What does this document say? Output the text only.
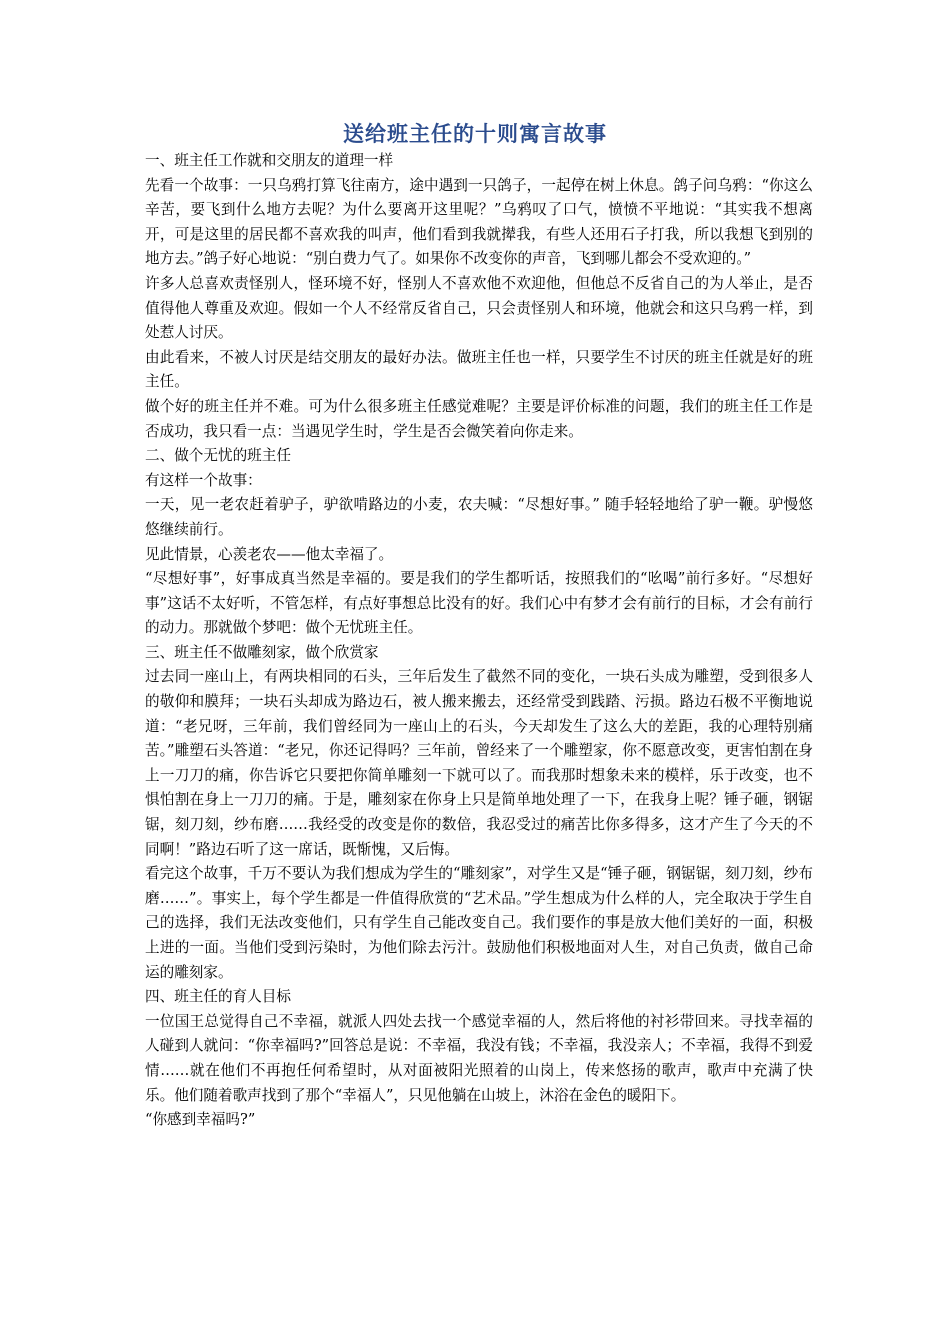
送给班主任的十则寓言故事

一、班主任工作就和交朋友的道理一样

先看一个故事：一只乌鸦打算飞往南方，途中遇到一只鸽子，一起停在树上休息。鸽子问乌鸦：“你这么辛苦，要飞到什么地方去呢？为什么要离开这里呢？”乌鸦叹了口气，愤愤不平地说：“其实我不想离开，可是这里的居民都不喜欢我的叫声，他们看到我就撵我，有些人还用石子打我，所以我想飞到别的地方去。”鸽子好心地说：“别白费力气了。如果你不改变你的声音，飞到哪儿都会不受欢迎的。”

许多人总喜欢责怪别人，怪环境不好，怪别人不喜欢他不欢迎他，但他总不反省自己的为人举止，是否值得他人尊重及欢迎。假如一个人不经常反省自己，只会责怪别人和环境，他就会和这只乌鸦一样，到处惹人讨厌。

由此看来，不被人讨厌是结交朋友的最好办法。做班主任也一样，只要学生不讨厌的班主任就是好的班主任。

做个好的班主任并不难。可为什么很多班主任感觉难呢？主要是评价标准的问题，我们的班主任工作是否成功，我只看一点：当遇见学生时，学生是否会微笑着向你走来。

二、做个无忧的班主任

有这样一个故事：

一天，见一老农赶着驴子，驴欲啃路边的小麦，农夫喊：“尽想好事。” 随手轻轻地给了驴一鞭。驴慢悠悠继续前行。

见此情景，心羡老农——他太幸福了。

“尽想好事”，好事成真当然是幸福的。要是我们的学生都听话，按照我们的“吆喝”前行多好。“尽想好事”这话不太好听，不管怎样，有点好事想总比没有的好。我们心中有梦才会有前行的目标，才会有前行的动力。那就做个梦吧：做个无忧班主任。

三、班主任不做雕刻家，做个欣赏家

过去同一座山上，有两块相同的石头，三年后发生了截然不同的变化，一块石头成为雕塑，受到很多人的敬仰和膜拜；一块石头却成为路边石，被人搬来搬去，还经常受到践踏、污损。路边石极不平衡地说道：“老兄呀，三年前，我们曾经同为一座山上的石头，今天却发生了这么大的差距，我的心理特别痛苦。”雕塑石头答道：“老兄，你还记得吗？三年前，曾经来了一个雕塑家，你不愿意改变，更害怕割在身上一刀刀的痛，你告诉它只要把你简单雕刻一下就可以了。而我那时想象未来的模样，乐于改变，也不惧怕割在身上一刀刀的痛。于是，雕刻家在你身上只是简单地处理了一下，在我身上呢？锤子砸，钢锯锯，刻刀刻，纱布磨……我经受的改变是你的数倍，我忍受过的痛苦比你多得多，这才产生了今天的不同啊！”路边石听了这一席话，既惭愧，又后悔。

看完这个故事，千万不要认为我们想成为学生的“雕刻家”，对学生又是“锤子砸，钢锯锯，刻刀刻，纱布磨……”。事实上，每个学生都是一件值得欣赏的“艺术品。”学生想成为什么样的人，完全取决于学生自己的选择，我们无法改变他们，只有学生自己能改变自己。我们要作的事是放大他们美好的一面，积极上进的一面。当他们受到污染时，为他们除去污汁。鼓励他们积极地面对人生，对自己负责，做自己命运的雕刻家。

四、班主任的育人目标

一位国王总觉得自己不幸福，就派人四处去找一个感觉幸福的人，然后将他的衬衫带回来。寻找幸福的人碰到人就问：“你幸福吗?”回答总是说：不幸福，我没有钱；不幸福，我没亲人；不幸福，我得不到爱情……就在他们不再抱任何希望时，从对面被阳光照着的山岗上，传来悠扬的歌声，歌声中充满了快乐。他们随着歌声找到了那个“幸福人”，只见他躺在山坡上，沐浴在金色的暖阳下。

“你感到幸福吗?”
